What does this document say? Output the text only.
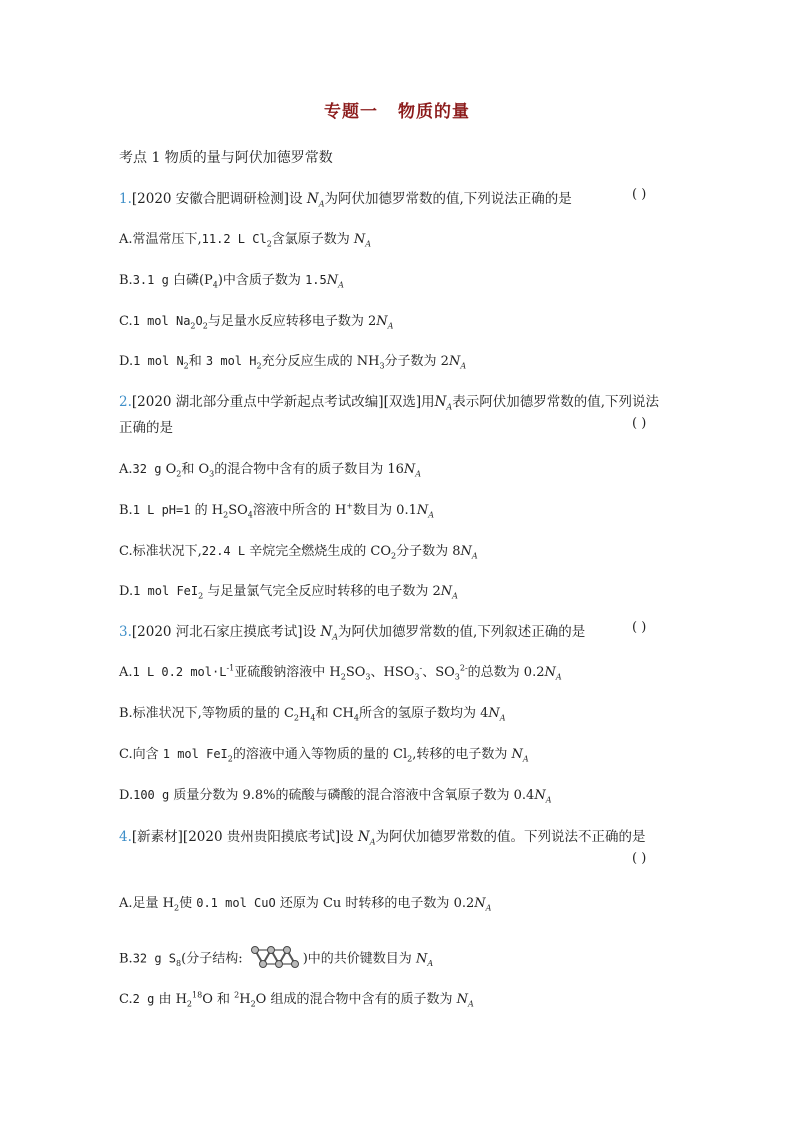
专题一 物质的量
考点 1 物质的量与阿伏加德罗常数
1.[2020 安徽合肥调研检测]设 $N_A$为阿伏加德罗常数的值,下列说法正确的是	( )
A.常温常压下,11.2 L $Cl_2$含氯原子数为 $N_A$
B.3.1 g 白磷$(P_4)$中含质子数为 $1.5N_A$
C.1 mol $Na_2O_2$与足量水反应转移电子数为 $2N_A$
D.1 mol $N_2$和 3 mol $H_2$充分反应生成的 $NH_3$分子数为 $2N_A$
2.[2020 湖北部分重点中学新起点考试改编][双选]用$N_A$表示阿伏加德罗常数的值,下列说法
正确的是	( )
A.32 g $O_2$和 $O_3$的混合物中含有的质子数目为 $16N_A$
B.1 L pH=1 的 $H_2SO_4$溶液中所含的 H+数目为 $0.1N_A$
C.标准状况下,22.4 L 辛烷完全燃烧生成的 $CO_2$分子数为 $8N_A$
D.1 mol FeI$_2$ 与足量氯气完全反应时转移的电子数为 $2N_A$
3.[2020 河北石家庄摸底考试]设 $N_A$为阿伏加德罗常数的值,下列叙述正确的是	( )
A.1 L 0.2 $mol\cdot L^{-1}$亚硫酸钠溶液中 $H_2SO_3$、$HSO_3^-$、$SO_3^{2-}$的总数为 $0.2N_A$
B.标准状况下,等物质的量的 $C_2H_4$和 $CH_4$所含的氢原子数均为 $4N_A$
C.向含 1 mol FeI$_2$的溶液中通入等物质的量的 $Cl_2$,转移的电子数为 $N_A$
D.100 g 质量分数为 9.8%的硫酸与磷酸的混合溶液中含氧原子数为 $0.4N_A$
4.[新素材][2020 贵州贵阳摸底考试]设 $N_A$为阿伏加德罗常数的值。下列说法不正确的是
( )
A.足量 $H_2$使 0.1 mol CuO 还原为 Cu 时转移的电子数为 $0.2N_A$
B.32 g $S_8$(分子结构:	)中的共价键数目为 $N_A$
C.2 g 由 $H_2^{18}O$ 和 $^2H_2O$ 组成的混合物中含有的质子数为 $N_A$
